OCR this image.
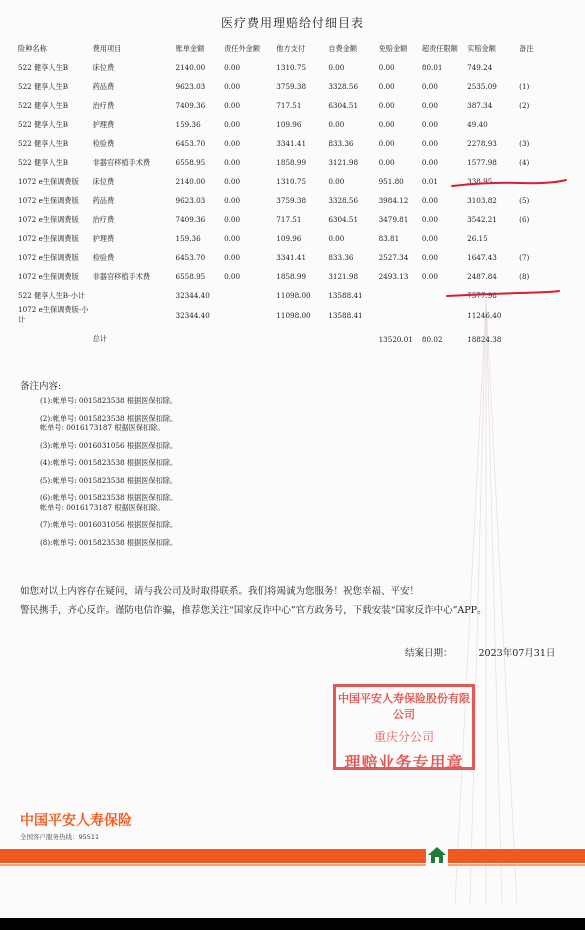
医疗费用理赔给付细目表
险种名称	费用项目	账单金额	责任外金额	他方支付	自费金额	免赔金额	超责任限额	实赔金额	备注
522 健享人生B	床位费	2140.00	0.00	1310.75	0.00	0.00	80.01	749.24	
522 健享人生B	药品费	9623.03	0.00	3759.38	3328.56	0.00	0.00	2535.09	(1)
522 健享人生B	治疗费	7409.36	0.00	717.51	6304.51	0.00	0.00	387.34	(2)
522 健享人生B	护理费	159.36	0.00	109.96	0.00	0.00	0.00	49.40	
522 健享人生B	检验费	6453.70	0.00	3341.41	833.36	0.00	0.00	2278.93	(3)
522 健享人生B	非器官移植手术费	6558.95	0.00	1858.99	3121.98	0.00	0.00	1577.98	(4)
1072 e生保调费版	床位费	2140.00	0.00	1310.75	0.00	951.80	0.01	338.95	
1072 e生保调费版	药品费	9623.03	0.00	3759.38	3328.56	3984.12	0.00	3103.82	(5)
1072 e生保调费版	治疗费	7409.36	0.00	717.51	6304.51	3479.81	0.00	3542.21	(6)
1072 e生保调费版	护理费	159.36	0.00	109.96	0.00	83.81	0.00	26.15	
1072 e生保调费版	检验费	6453.70	0.00	3341.41	833.36	2527.34	0.00	1647.43	(7)
1072 e生保调费版	非器官移植手术费	6558.95	0.00	1858.99	3121.98	2493.13	0.00	2487.84	(8)
522 健享人生B-小计		32344.40		11098.00	13588.41			7577.98	
1072 e生保调费版-小计		32344.40		11098.00	13588.41			11246.40	
	总计					13520.01	80.02	18824.38	
备注内容:
(1):帐单号: 0015823538 根据医保扣除。
(2):帐单号: 0015823538 根据医保扣除。
帐单号: 0016173187 根据医保扣除。
(3):帐单号: 0016031056 根据医保扣除。
(4):帐单号: 0015823538 根据医保扣除。
(5):帐单号: 0015823538 根据医保扣除。
(6):帐单号: 0015823538 根据医保扣除。
帐单号: 0016173187 根据医保扣除。
(7):帐单号: 0016031056 根据医保扣除。
(8):帐单号: 0015823538 根据医保扣除。

如您对以上内容存在疑问，请与我公司及时取得联系。我们将竭诚为您服务！祝您幸福、平安！

警民携手，齐心反诈。谨防电信诈骗，推荐您关注“国家反诈中心”官方政务号，下载安装“国家反诈中心”APP。

结案日期：	2023年07月31日
中国平安人寿保险股份有限公司
重庆分公司
理赔业务专用章
中国平安人寿保险
全国客户服务热线：95511
